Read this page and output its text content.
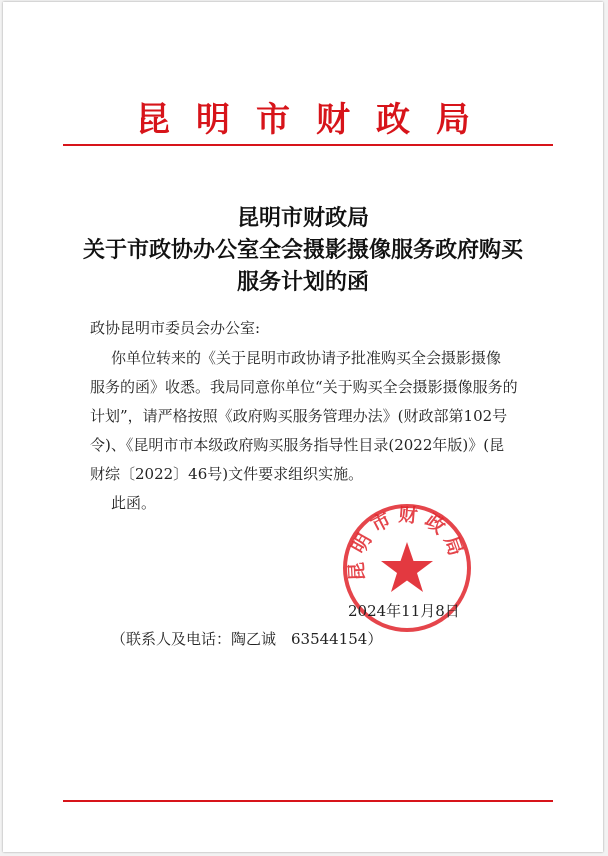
昆明市财政局
昆明市财政局
关于市政协办公室全会摄影摄像服务政府购买
服务计划的函
政协昆明市委员会办公室:
你单位转来的《关于昆明市政协请予批准购买全会摄影摄像
服务的函》收悉。我局同意你单位“关于购买全会摄影摄像服务的
计划”，请严格按照《政府购买服务管理办法》(财政部第102号
令)、《昆明市市本级政府购买服务指导性目录(2022年版)》(昆
财综〔2022〕46号)文件要求组织实施。
此函。
昆明市财政局
2024年11月8日
（联系人及电话：陶乙诚　63544154）
